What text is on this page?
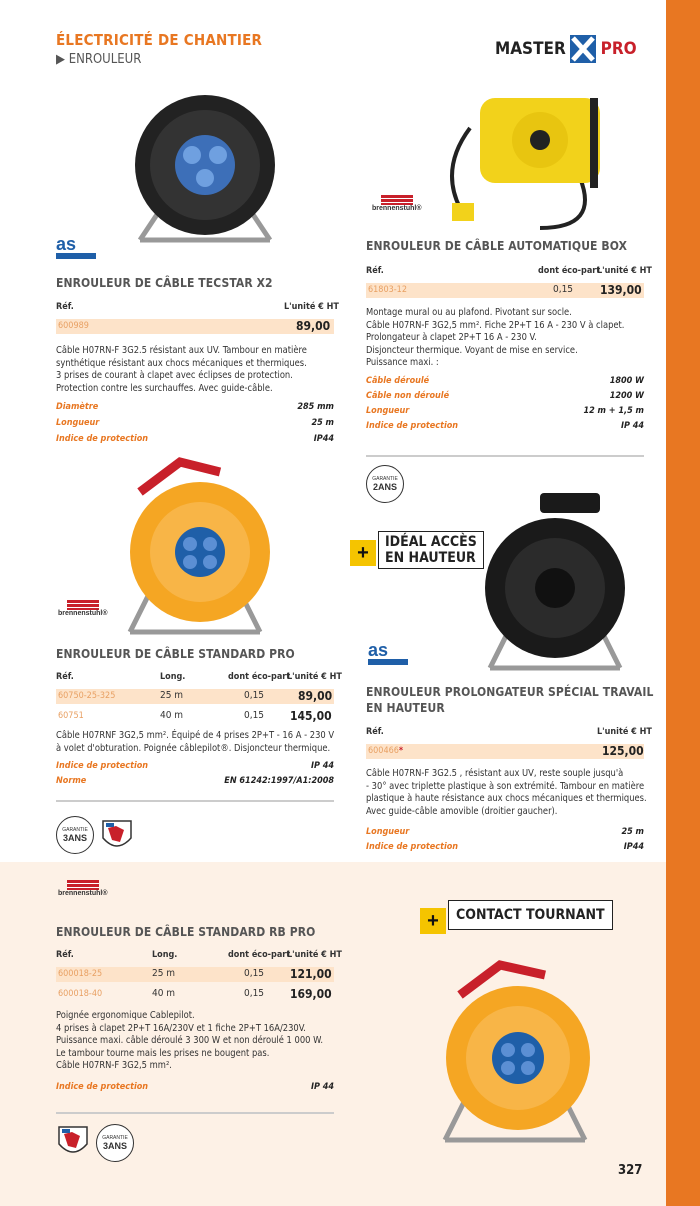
ÉLECTRICITÉ DE CHANTIER
▶ ENROULEUR
MASTER PRO
as
ENROULEUR DE CÂBLE TECSTAR X2
Réf.	L'unité € HT
600989	89,00
Câble H07RN-F 3G2.5 résistant aux UV. Tambour en matière
synthétique résistant aux chocs mécaniques et thermiques.
3 prises de courant à clapet avec éclipses de protection.
Protection contre les surchauffes. Avec guide-câble.
Diamètre	285 mm
Longueur	25 m
Indice de protection	IP44
brennenstuhl®
ENROULEUR DE CÂBLE AUTOMATIQUE BOX
Réf.	dont éco-part
L'unité € HT
61803-12	0,15 139,00
Montage mural ou au plafond. Pivotant sur socle.
Câble H07RN-F 3G2,5 mm². Fiche 2P+T 16 A - 230 V à clapet.
Prolongateur à clapet 2P+T 16 A - 230 V.
Disjoncteur thermique. Voyant de mise en service.
Puissance maxi. :
Câble déroulé	1800 W
Câble non déroulé	1200 W
Longueur	12 m + 1,5 m
Indice de protection	IP 44
GARANTIE
2ANS
brennenstuhl®
ENROULEUR DE CÂBLE STANDARD PRO
Réf.	Long.	dont éco-part
L'unité € HT
60750-25-325	25 m	0,15	89,00
60751	40 m	0,15 145,00
Câble H07RNF 3G2,5 mm². Équipé de 4 prises 2P+T - 16 A - 230 V
à volet d'obturation. Poignée câblepilot®. Disjoncteur thermique.
Indice de protection	IP 44
Norme	EN 61242:1997/A1:2008
GARANTIE
3ANS
+	IDÉAL ACCÈS
EN HAUTEUR
as
ENROULEUR PROLONGATEUR SPÉCIAL TRAVAIL
EN HAUTEUR
Réf.	L'unité € HT
600466*	125,00
Câble H07RN-F 3G2.5 , résistant aux UV, reste souple jusqu'à
- 30° avec triplette plastique à son extrémité. Tambour en matière
plastique à haute résistance aux chocs mécaniques et thermiques.
Avec guide-câble amovible (droitier gaucher).
Longueur	25 m
Indice de protection	IP44
brennenstuhl®
ENROULEUR DE CÂBLE STANDARD RB PRO
Réf.	Long.	dont éco-part
L'unité € HT
600018-25	25 m	0,15 121,00
600018-40	40 m	0,15 169,00
Poignée ergonomique Cablepilot.
4 prises à clapet 2P+T 16A/230V et 1 fiche 2P+T 16A/230V.
Puissance maxi. câble déroulé 3 300 W et non déroulé 1 000 W.
Le tambour tourne mais les prises ne bougent pas.
Câble H07RN-F 3G2,5 mm².
Indice de protection	IP 44
GARANTIE
3ANS
+	CONTACT TOURNANT
327
